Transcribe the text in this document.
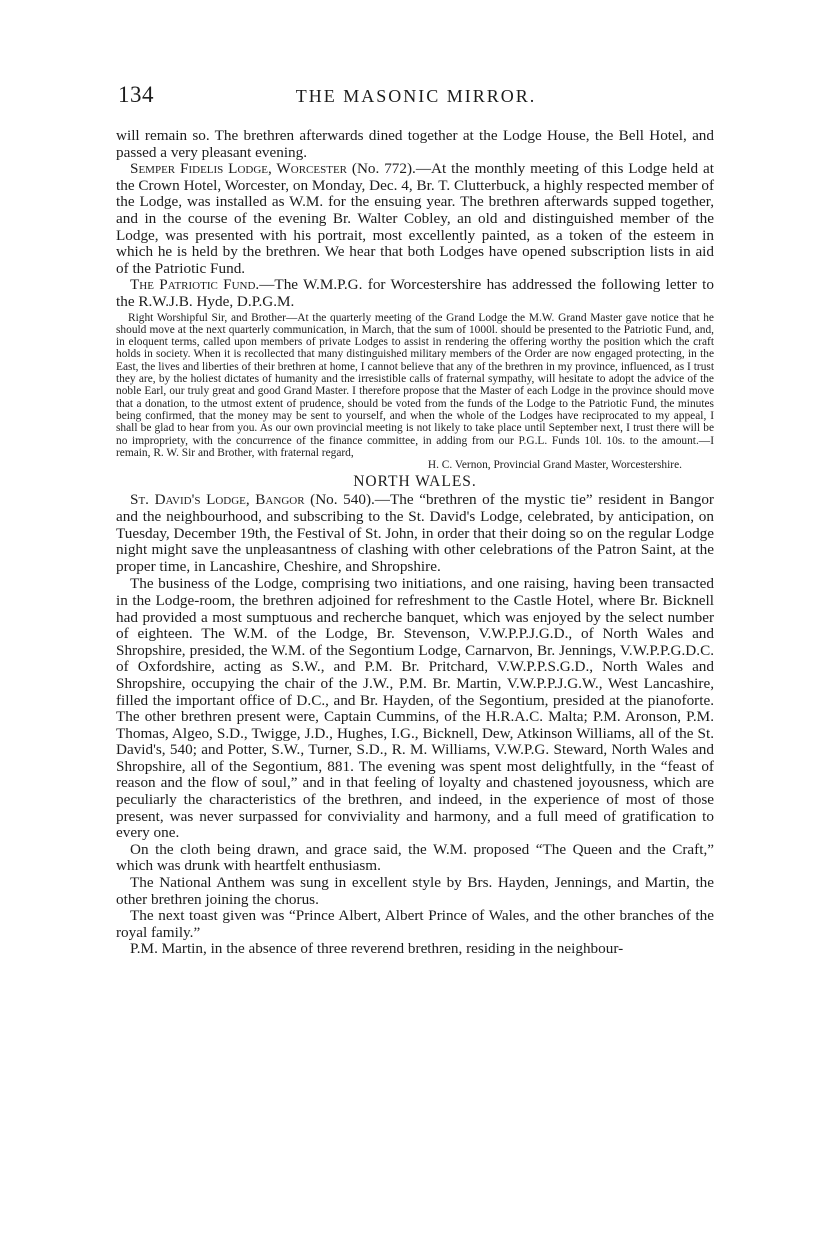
134	THE MASONIC MIRROR.

will remain so. The brethren afterwards dined together at the Lodge House, the Bell Hotel, and passed a very pleasant evening.

Semper Fidelis Lodge, Worcester (No. 772).—At the monthly meeting of this Lodge held at the Crown Hotel, Worcester, on Monday, Dec. 4, Br. T. Clutterbuck, a highly respected member of the Lodge, was installed as W.M. for the ensuing year. The brethren afterwards supped together, and in the course of the evening Br. Walter Cobley, an old and distinguished member of the Lodge, was presented with his portrait, most excellently painted, as a token of the esteem in which he is held by the brethren. We hear that both Lodges have opened subscription lists in aid of the Patriotic Fund.

The Patriotic Fund.—The W.M.P.G. for Worcestershire has addressed the following letter to the R.W.J.B. Hyde, D.P.G.M.

Right Worshipful Sir, and Brother—At the quarterly meeting of the Grand Lodge the M.W. Grand Master gave notice that he should move at the next quarterly communication, in March, that the sum of 1000l. should be presented to the Patriotic Fund, and, in eloquent terms, called upon members of private Lodges to assist in rendering the offering worthy the position which the craft holds in society. When it is recollected that many distinguished military members of the Order are now engaged protecting, in the East, the lives and liberties of their brethren at home, I cannot believe that any of the brethren in my province, influenced, as I trust they are, by the holiest dictates of humanity and the irresistible calls of fraternal sympathy, will hesitate to adopt the advice of the noble Earl, our truly great and good Grand Master. I therefore propose that the Master of each Lodge in the province should move that a donation, to the utmost extent of prudence, should be voted from the funds of the Lodge to the Patriotic Fund, the minutes being confirmed, that the money may be sent to yourself, and when the whole of the Lodges have reciprocated to my appeal, I shall be glad to hear from you. As our own provincial meeting is not likely to take place until September next, I trust there will be no impropriety, with the concurrence of the finance committee, in adding from our P.G.L. Funds 10l. 10s. to the amount.—I remain, R. W. Sir and Brother, with fraternal regard,

H. C. Vernon, Provincial Grand Master, Worcestershire.

NORTH WALES.

St. David's Lodge, Bangor (No. 540).—The “brethren of the mystic tie” resident in Bangor and the neighbourhood, and subscribing to the St. David's Lodge, celebrated, by anticipation, on Tuesday, December 19th, the Festival of St. John, in order that their doing so on the regular Lodge night might save the unpleasantness of clashing with other celebrations of the Patron Saint, at the proper time, in Lancashire, Cheshire, and Shropshire.

The business of the Lodge, comprising two initiations, and one raising, having been transacted in the Lodge-room, the brethren adjoined for refreshment to the Castle Hotel, where Br. Bicknell had provided a most sumptuous and recherche banquet, which was enjoyed by the select number of eighteen. The W.M. of the Lodge, Br. Stevenson, V.W.P.P.J.G.D., of North Wales and Shropshire, presided, the W.M. of the Segontium Lodge, Carnarvon, Br. Jennings, V.W.P.P.G.D.C. of Oxfordshire, acting as S.W., and P.M. Br. Pritchard, V.W.P.P.S.G.D., North Wales and Shropshire, occupying the chair of the J.W., P.M. Br. Martin, V.W.P.P.J.G.W., West Lancashire, filled the important office of D.C., and Br. Hayden, of the Segontium, presided at the pianoforte. The other brethren present were, Captain Cummins, of the H.R.A.C. Malta; P.M. Aronson, P.M. Thomas, Algeo, S.D., Twigge, J.D., Hughes, I.G., Bicknell, Dew, Atkinson Williams, all of the St. David's, 540; and Potter, S.W., Turner, S.D., R. M. Williams, V.W.P.G. Steward, North Wales and Shropshire, all of the Segontium, 881. The evening was spent most delightfully, in the “feast of reason and the flow of soul,” and in that feeling of loyalty and chastened joyousness, which are peculiarly the characteristics of the brethren, and indeed, in the experience of most of those present, was never surpassed for conviviality and harmony, and a full meed of gratification to every one.

On the cloth being drawn, and grace said, the W.M. proposed “The Queen and the Craft,” which was drunk with heartfelt enthusiasm.

The National Anthem was sung in excellent style by Brs. Hayden, Jennings, and Martin, the other brethren joining the chorus.

The next toast given was “Prince Albert, Albert Prince of Wales, and the other branches of the royal family.”

P.M. Martin, in the absence of three reverend brethren, residing in the neighbour-
